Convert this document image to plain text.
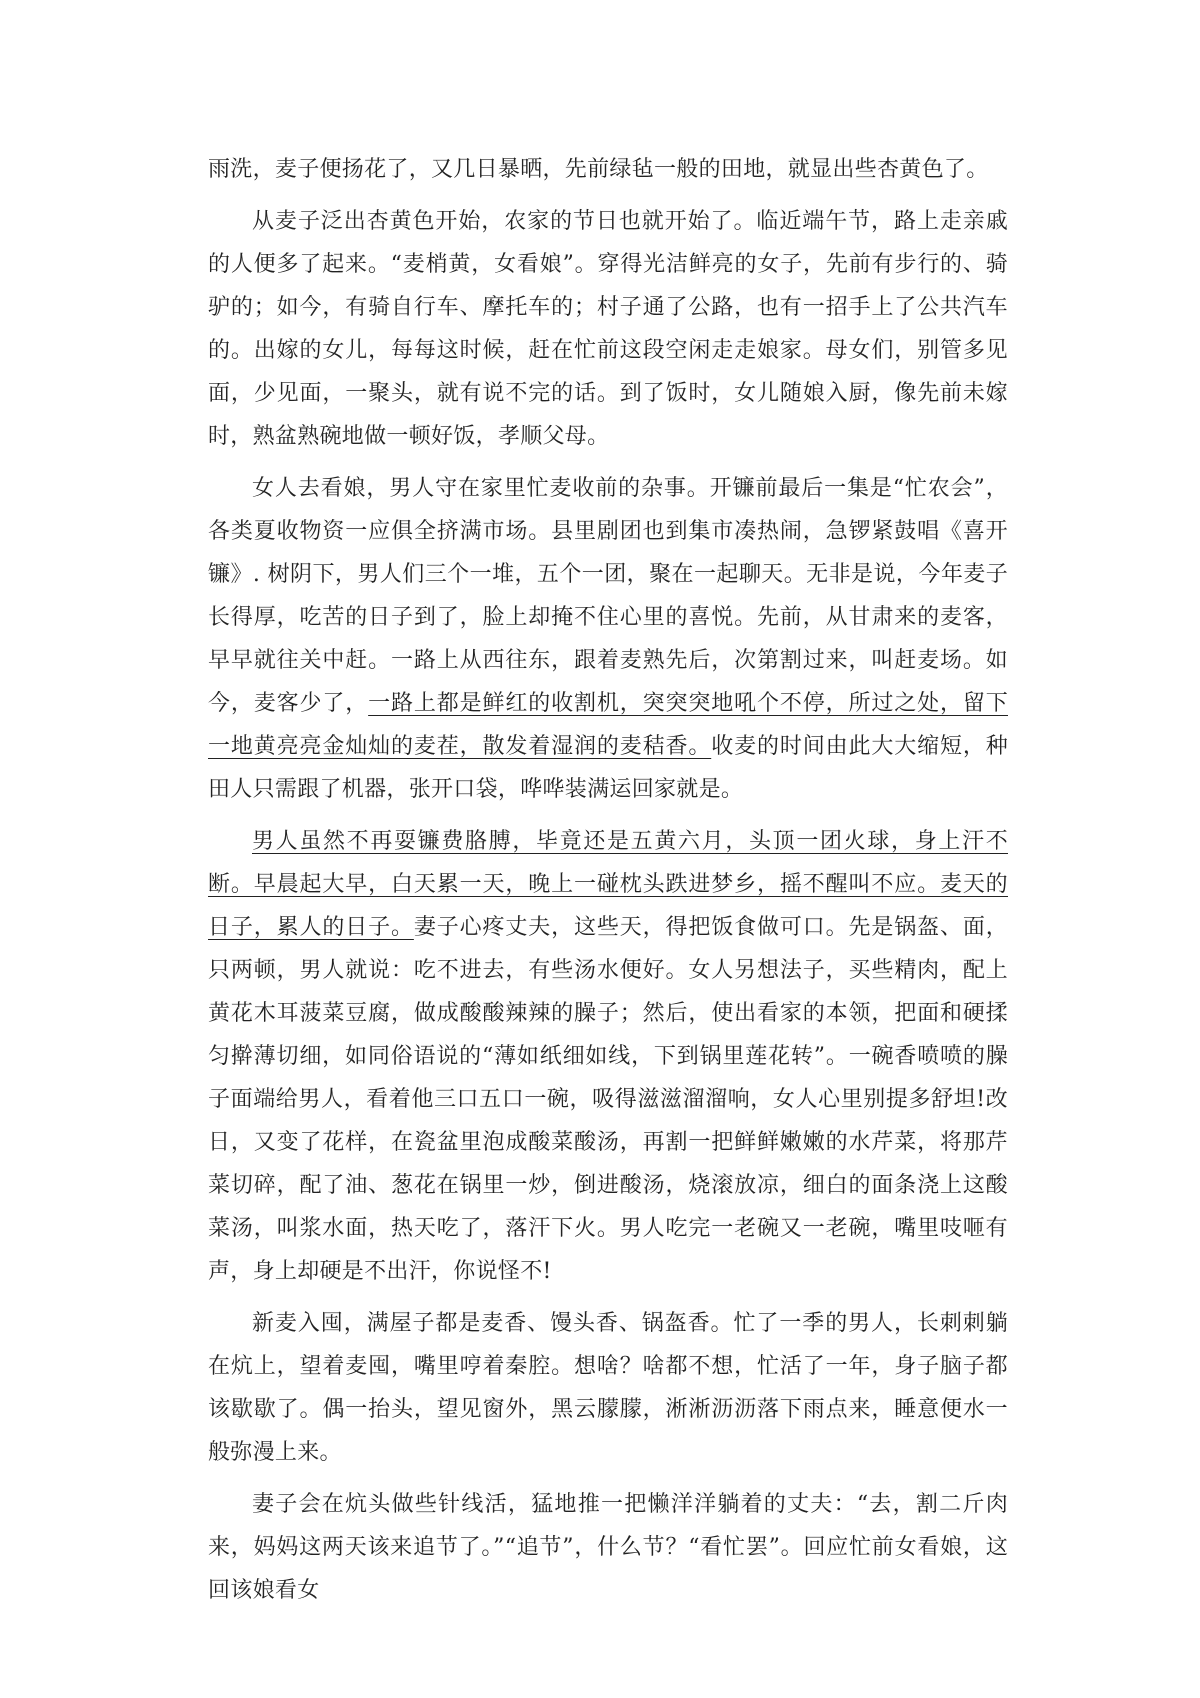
雨洗，麦子便扬花了，又几日暴晒，先前绿毡一般的田地，就显出些杏黄色了。

从麦子泛出杏黄色开始，农家的节日也就开始了。临近端午节，路上走亲戚的人便多了起来。“麦梢黄，女看娘”。穿得光洁鲜亮的女子，先前有步行的、骑驴的；如今，有骑自行车、摩托车的；村子通了公路，也有一招手上了公共汽车的。出嫁的女儿，每每这时候，赶在忙前这段空闲走走娘家。母女们，别管多见面，少见面，一聚头，就有说不完的话。到了饭时，女儿随娘入厨，像先前未嫁时，熟盆熟碗地做一顿好饭，孝顺父母。

女人去看娘，男人守在家里忙麦收前的杂事。开镰前最后一集是“忙农会”，各类夏收物资一应俱全挤满市场。县里剧团也到集市凑热闹，急锣紧鼓唱《喜开镰》. 树阴下，男人们三个一堆，五个一团，聚在一起聊天。无非是说，今年麦子长得厚，吃苦的日子到了，脸上却掩不住心里的喜悦。先前，从甘肃来的麦客，早早就往关中赶。一路上从西往东，跟着麦熟先后，次第割过来，叫赶麦场。如今，麦客少了，一路上都是鲜红的收割机，突突突地吼个不停，所过之处，留下一地黄亮亮金灿灿的麦茬，散发着湿润的麦秸香。收麦的时间由此大大缩短，种田人只需跟了机器，张开口袋，哗哗装满运回家就是。

男人虽然不再耍镰费胳膊，毕竟还是五黄六月，头顶一团火球，身上汗不断。早晨起大早，白天累一天，晚上一碰枕头跌进梦乡，摇不醒叫不应。麦天的日子，累人的日子。妻子心疼丈夫，这些天，得把饭食做可口。先是锅盔、面，只两顿，男人就说：吃不进去，有些汤水便好。女人另想法子，买些精肉，配上黄花木耳菠菜豆腐，做成酸酸辣辣的臊子；然后，使出看家的本领，把面和硬揉匀擀薄切细，如同俗语说的“薄如纸细如线，下到锅里莲花转”。一碗香喷喷的臊子面端给男人，看着他三口五口一碗，吸得滋滋溜溜响，女人心里别提多舒坦!改日，又变了花样，在瓷盆里泡成酸菜酸汤，再割一把鲜鲜嫩嫩的水芹菜，将那芹菜切碎，配了油、葱花在锅里一炒，倒进酸汤，烧滚放凉，细白的面条浇上这酸菜汤，叫浆水面，热天吃了，落汗下火。男人吃完一老碗又一老碗，嘴里吱咂有声，身上却硬是不出汗，你说怪不!

新麦入囤，满屋子都是麦香、馒头香、锅盔香。忙了一季的男人，长刺刺躺在炕上，望着麦囤，嘴里哼着秦腔。想啥？啥都不想，忙活了一年，身子脑子都该歇歇了。偶一抬头，望见窗外，黑云朦朦，淅淅沥沥落下雨点来，睡意便水一般弥漫上来。

妻子会在炕头做些针线活，猛地推一把懒洋洋躺着的丈夫：“去，割二斤肉来，妈妈这两天该来追节了。”“追节”，什么节？“看忙罢”。回应忙前女看娘，这回该娘看女
